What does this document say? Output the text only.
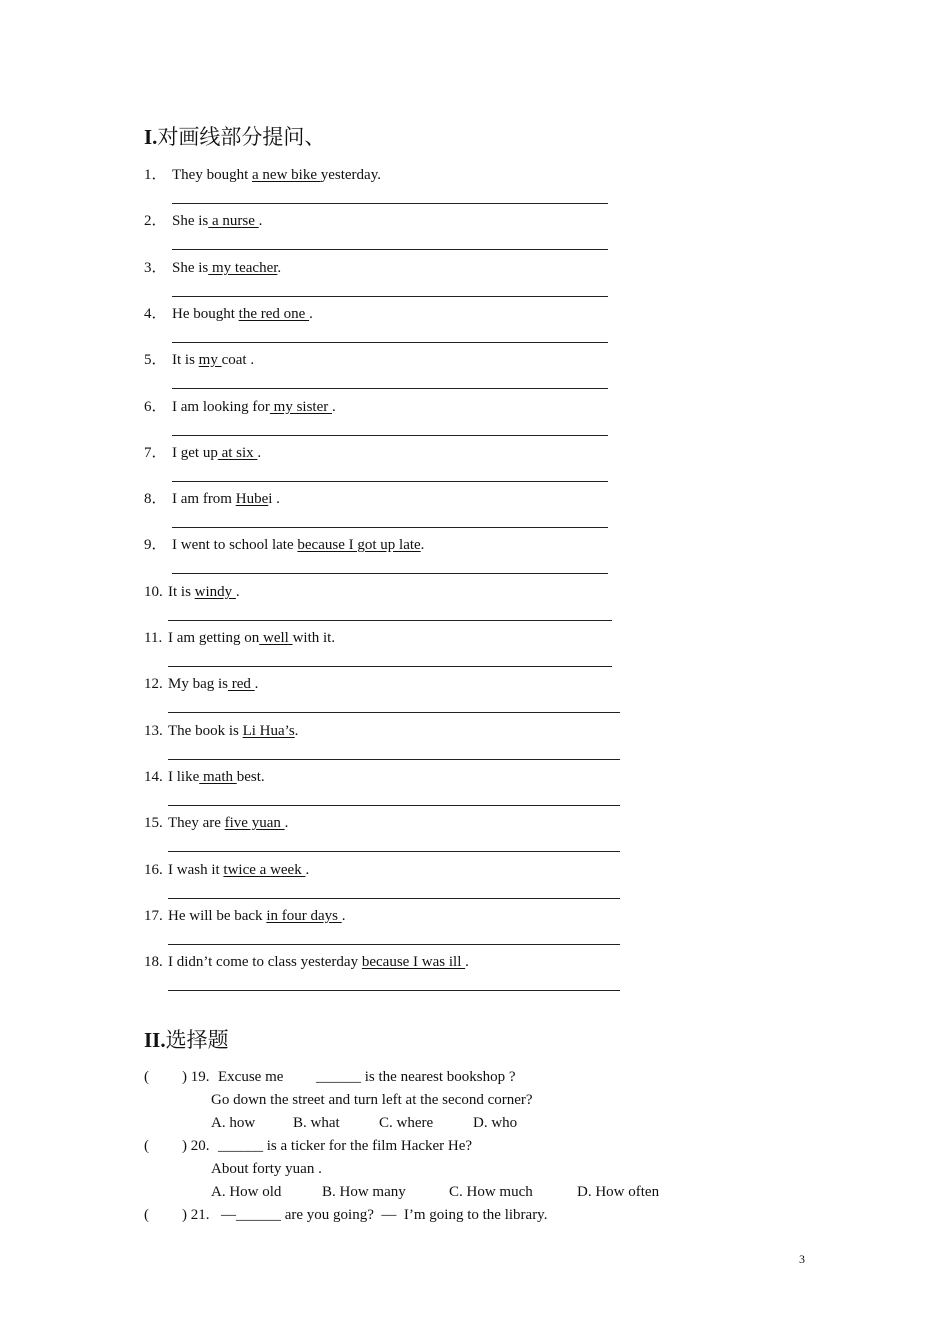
I.对画线部分提问、
1． They bought a new bike yesterday.
2． She is a nurse .
3． She is my teacher.
4． He bought the red one .
5． It is my coat .
6． I am looking for my sister .
7． I get up at six .
8． I am from Hubei .
9． I went to school late because I got up late.
10. It is windy .
11. I am getting on well with it.
12. My bag is red .
13. The book is Li Hua’s.
14. I like math best.
15. They are five yuan .
16. I wash it twice a week .
17. He will be back in four days .
18. I didn’t come to class yesterday because I was ill .
II.选择题
( ) 19. Excuse me ______ is the nearest bookshop ?
Go down the street and turn left at the second corner?
A. how	B. what	C. where	D. who
( ) 20. ______ is a ticker for the film Hacker He?
About forty yuan .
A. How old	B. How many	C. How much	D. How often
( ) 21. —______ are you going?  —  I’m going to the library.
3
